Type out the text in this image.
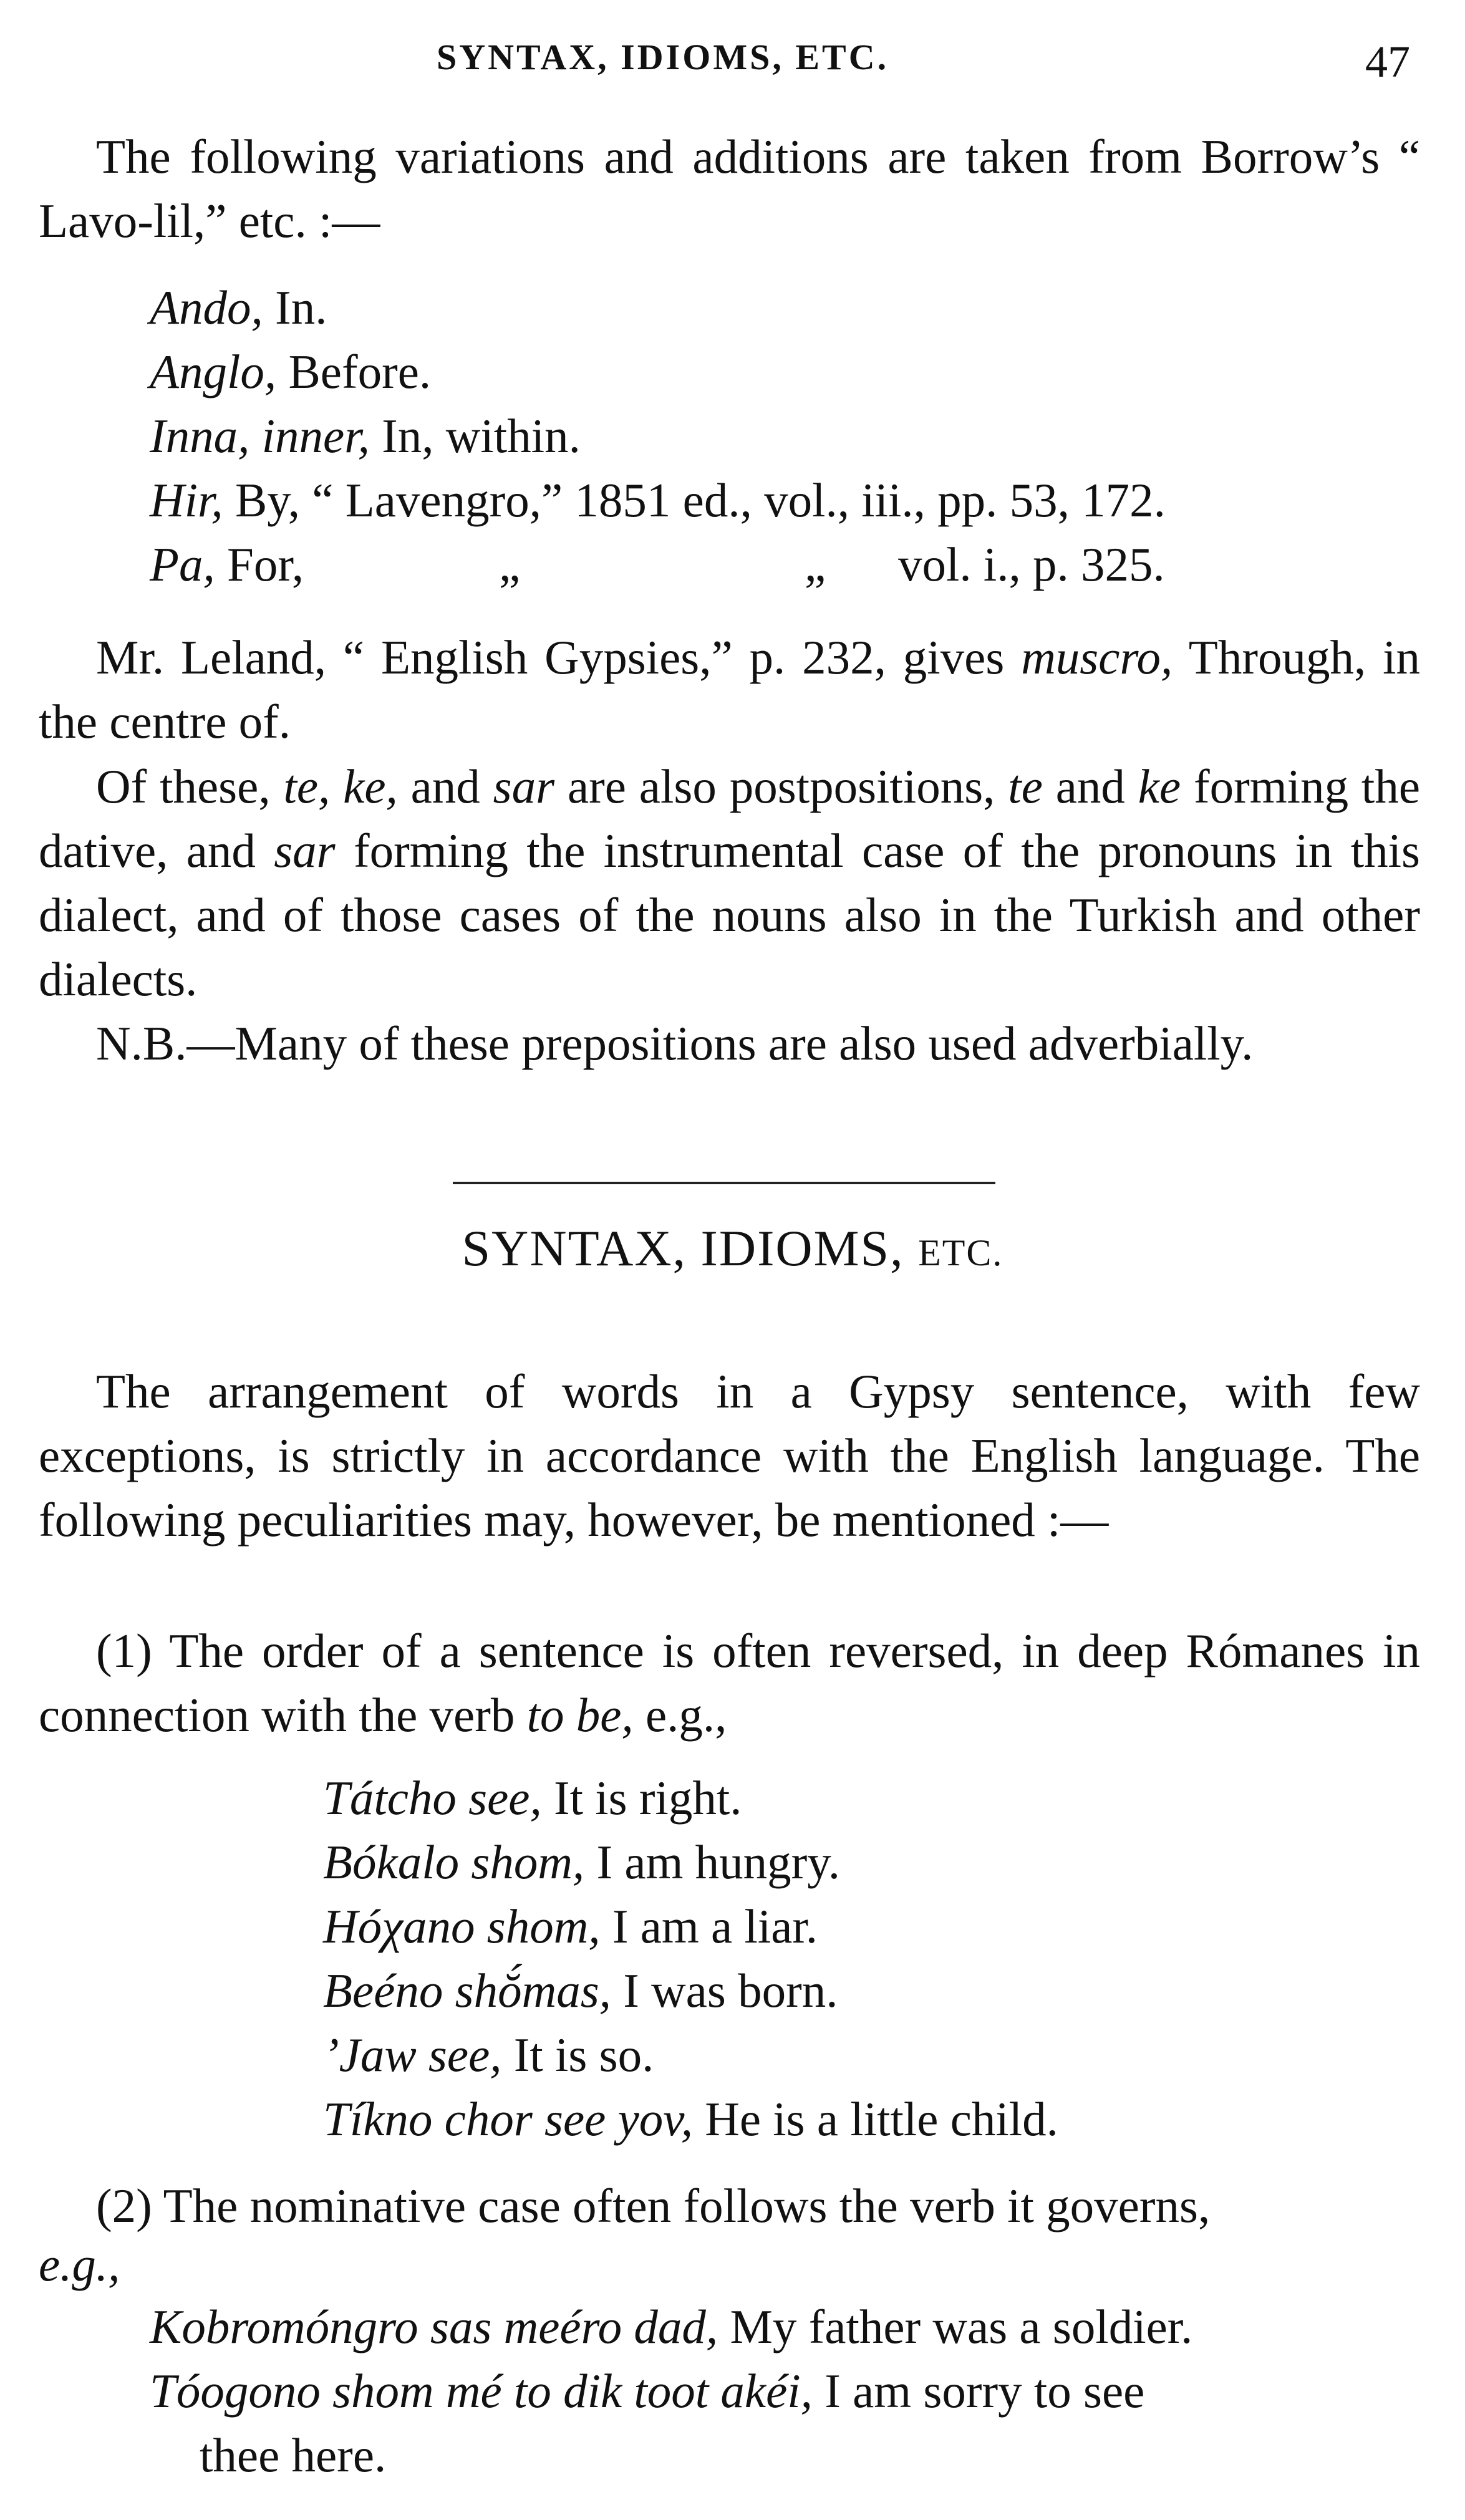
SYNTAX, IDIOMS, ETC.	47

The following variations and additions are taken from Borrow’s “ Lavo-lil,” etc. :—

Ando, In.
Anglo, Before.
Inna, inner, In, within.
Hir, By, “ Lavengro,” 1851 ed., vol., iii., pp. 53, 172.
Pa, For,	„	„ vol. i., p. 325.

Mr. Leland, “ English Gypsies,” p. 232, gives muscro, Through, in the centre of.

Of these, te, ke, and sar are also postpositions, te and ke forming the dative, and sar forming the instrumental case of the pronouns in this dialect, and of those cases of the nouns also in the Turkish and other dialects.

N.B.—Many of these prepositions are also used adverbially.

SYNTAX, IDIOMS, ETC.

The arrangement of words in a Gypsy sentence, with few exceptions, is strictly in accordance with the English language. The following peculiarities may, however, be mentioned :—

(1) The order of a sentence is often reversed, in deep Rómanes in connection with the verb to be, e.g.,

Tátcho see, It is right.
Bókalo shom, I am hungry.
Hóχano shom, I am a liar.
Beéno shŏ́mas, I was born.
’Jaw see, It is so.
Tíkno chor see yov, He is a little child.

(2) The nominative case often follows the verb it governs,

e.g.,
Kobromóngro sas meéro dad, My father was a soldier.
Tóogono shom mé to dik toot akéi, I am sorry to see
thee here.
